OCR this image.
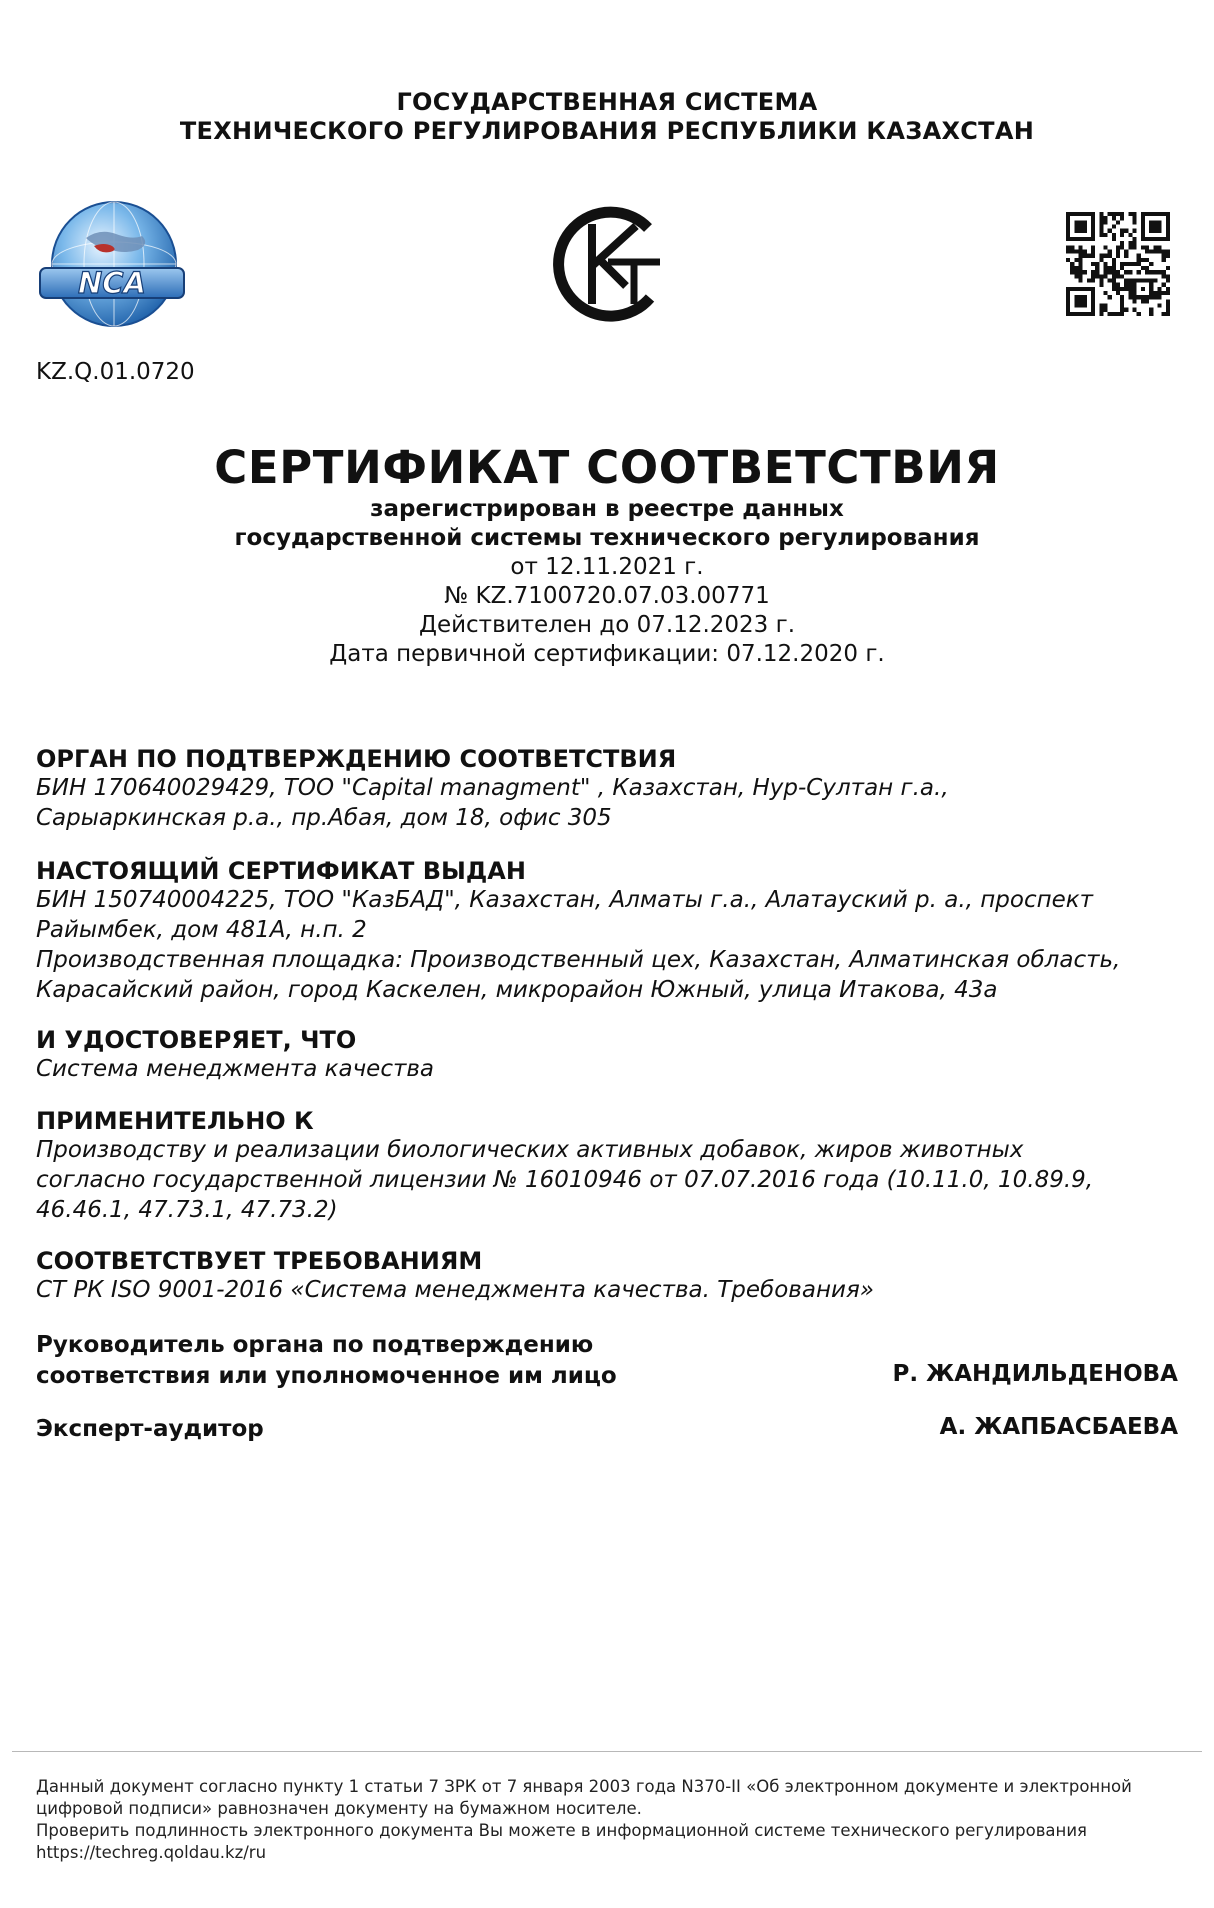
ГОСУДАРСТВЕННАЯ СИСТЕМА
ТЕХНИЧЕСКОГО РЕГУЛИРОВАНИЯ РЕСПУБЛИКИ КАЗАХСТАН
NCA
КТ
KZ.Q.01.0720
СЕРТИФИКАТ СООТВЕТСТВИЯ
зарегистрирован в реестре данных
государственной системы технического регулирования
от 12.11.2021 г.
№ KZ.7100720.07.03.00771
Действителен до 07.12.2023 г.
Дата первичной сертификации: 07.12.2020 г.
ОРГАН ПО ПОДТВЕРЖДЕНИЮ СООТВЕТСТВИЯ
БИН 170640029429, ТОО "Capital managment" , Казахстан, Нур-Султан г.а.,
Сарыаркинская р.а., пр.Абая, дом 18, офис 305
НАСТОЯЩИЙ СЕРТИФИКАТ ВЫДАН
БИН 150740004225, ТОО "КазБАД", Казахстан, Алматы г.а., Алатауский р. а., проспект
Райымбек, дом 481А, н.п. 2
Производственная площадка: Производственный цех, Казахстан, Алматинская область,
Карасайский район, город Каскелен, микрорайон Южный, улица Итакова, 43а
И УДОСТОВЕРЯЕТ, ЧТО
Система менеджмента качества
ПРИМЕНИТЕЛЬНО К
Производству и реализации биологических активных добавок, жиров животных
согласно государственной лицензии № 16010946 от 07.07.2016 года (10.11.0, 10.89.9,
46.46.1, 47.73.1, 47.73.2)
СООТВЕТСТВУЕТ ТРЕБОВАНИЯМ
СТ РК ISO 9001-2016 «Система менеджмента качества. Требования»
Руководитель органа по подтверждению
соответствия или уполномоченное им лицо	Р. ЖАНДИЛЬДЕНОВА
Эксперт-аудитор	А. ЖАПБАСБАЕВА

Данный документ согласно пункту 1 статьи 7 ЗРК от 7 января 2003 года N370-II «Об электронном документе и электронной

цифровой подписи» равнозначен документу на бумажном носителе.

Проверить подлинность электронного документа Вы можете в информационной системе технического регулирования

https://techreg.qoldau.kz/ru
